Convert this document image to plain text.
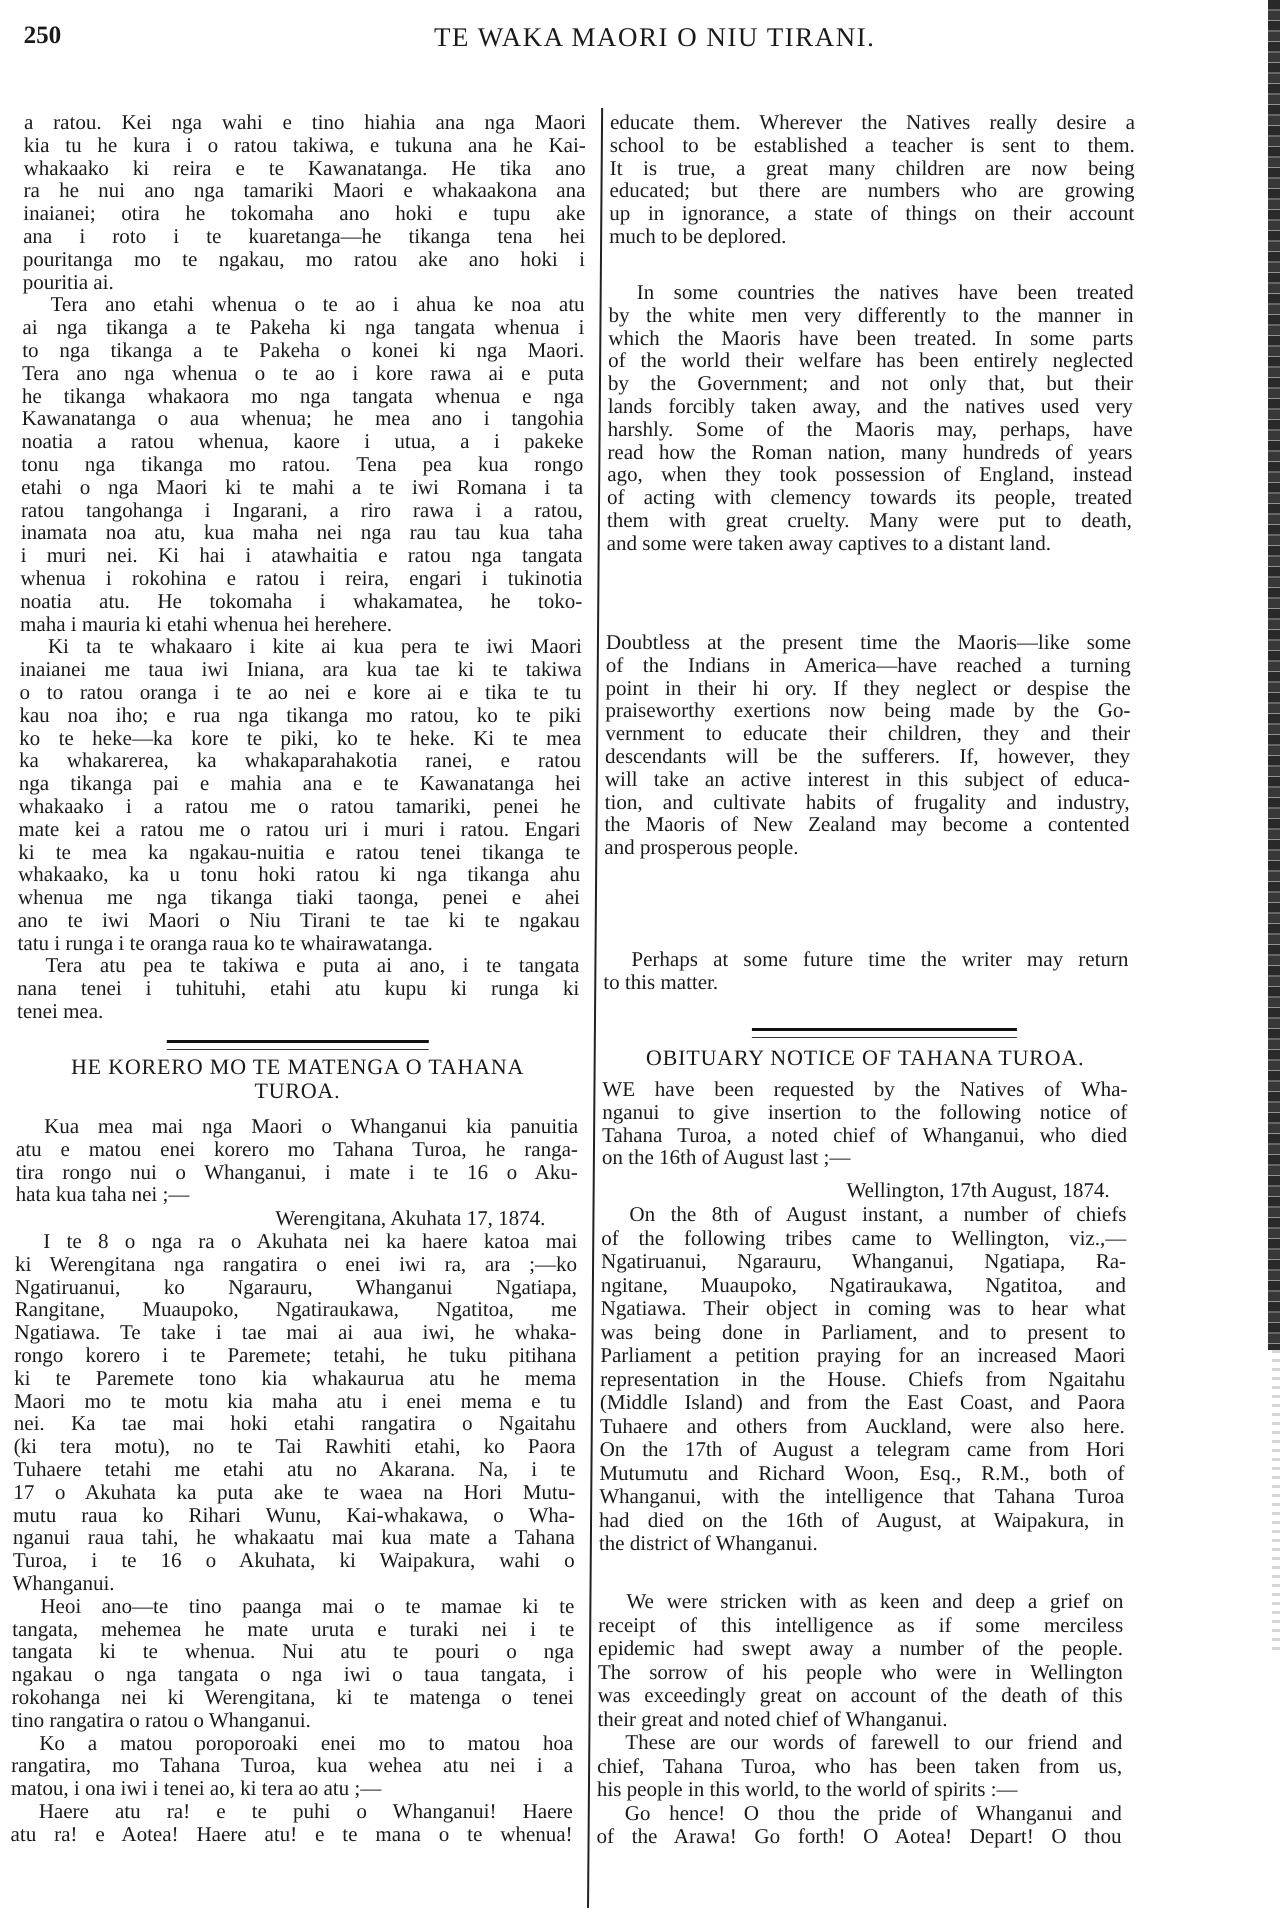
250	TE WAKA MAORI O NIU TIRANI.
a ratou. Kei nga wahi e tino hiahia ana nga Maori
kia tu he kura i o ratou takiwa, e tukuna ana he Kai-
whakaako ki reira e te Kawanatanga. He tika ano
ra he nui ano nga tamariki Maori e whakaakona ana
inaianei; otira he tokomaha ano hoki e tupu ake
ana i roto i te kuaretanga—he tikanga tena hei
pouritanga mo te ngakau, mo ratou ake ano hoki i
pouritia ai.
Tera ano etahi whenua o te ao i ahua ke noa atu
ai nga tikanga a te Pakeha ki nga tangata whenua i
to nga tikanga a te Pakeha o konei ki nga Maori.
Tera ano nga whenua o te ao i kore rawa ai e puta
he tikanga whakaora mo nga tangata whenua e nga
Kawanatanga o aua whenua; he mea ano i tangohia
noatia a ratou whenua, kaore i utua, a i pakeke
tonu nga tikanga mo ratou. Tena pea kua rongo
etahi o nga Maori ki te mahi a te iwi Romana i ta
ratou tangohanga i Ingarani, a riro rawa i a ratou,
inamata noa atu, kua maha nei nga rau tau kua taha
i muri nei. Ki hai i atawhaitia e ratou nga tangata
whenua i rokohina e ratou i reira, engari i tukinotia
noatia atu. He tokomaha i whakamatea, he toko-
maha i mauria ki etahi whenua hei herehere.
Ki ta te whakaaro i kite ai kua pera te iwi Maori
inaianei me taua iwi Iniana, ara kua tae ki te takiwa
o to ratou oranga i te ao nei e kore ai e tika te tu
kau noa iho; e rua nga tikanga mo ratou, ko te piki
ko te heke—ka kore te piki, ko te heke. Ki te mea
ka whakarerea, ka whakaparahakotia ranei, e ratou
nga tikanga pai e mahia ana e te Kawanatanga hei
whakaako i a ratou me o ratou tamariki, penei he
mate kei a ratou me o ratou uri i muri i ratou. Engari
ki te mea ka ngakau-nuitia e ratou tenei tikanga te
whakaako, ka u tonu hoki ratou ki nga tikanga ahu
whenua me nga tikanga tiaki taonga, penei e ahei
ano te iwi Maori o Niu Tirani te tae ki te ngakau
tatu i runga i te oranga raua ko te whairawatanga.
Tera atu pea te takiwa e puta ai ano, i te tangata
nana tenei i tuhituhi, etahi atu kupu ki runga ki
tenei mea.
HE KORERO MO TE MATENGA O TAHANA
TUROA.
Kua mea mai nga Maori o Whanganui kia panuitia
atu e matou enei korero mo Tahana Turoa, he ranga-
tira rongo nui o Whanganui, i mate i te 16 o Aku-
hata kua taha nei ;—
Werengitana, Akuhata 17, 1874.
I te 8 o nga ra o Akuhata nei ka haere katoa mai
ki Werengitana nga rangatira o enei iwi ra, ara ;—ko
Ngatiruanui, ko Ngarauru, Whanganui Ngatiapa,
Rangitane, Muaupoko, Ngatiraukawa, Ngatitoa, me
Ngatiawa. Te take i tae mai ai aua iwi, he whaka-
rongo korero i te Paremete; tetahi, he tuku pitihana
ki te Paremete tono kia whakaurua atu he mema
Maori mo te motu kia maha atu i enei mema e tu
nei. Ka tae mai hoki etahi rangatira o Ngaitahu
(ki tera motu), no te Tai Rawhiti etahi, ko Paora
Tuhaere tetahi me etahi atu no Akarana. Na, i te
17 o Akuhata ka puta ake te waea na Hori Mutu-
mutu raua ko Rihari Wunu, Kai-whakawa, o Wha-
nganui raua tahi, he whakaatu mai kua mate a Tahana
Turoa, i te 16 o Akuhata, ki Waipakura, wahi o
Whanganui.
Heoi ano—te tino paanga mai o te mamae ki te
tangata, mehemea he mate uruta e turaki nei i te
tangata ki te whenua. Nui atu te pouri o nga
ngakau o nga tangata o nga iwi o taua tangata, i
rokohanga nei ki Werengitana, ki te matenga o tenei
tino rangatira o ratou o Whanganui.
Ko a matou poroporoaki enei mo to matou hoa
rangatira, mo Tahana Turoa, kua wehea atu nei i a
matou, i ona iwi i tenei ao, ki tera ao atu ;—
Haere atu ra! e te puhi o Whanganui! Haere
atu ra! e Aotea! Haere atu! e te mana o te whenua!
educate them. Wherever the Natives really desire a
school to be established a teacher is sent to them.
It is true, a great many children are now being
educated; but there are numbers who are growing
up in ignorance, a state of things on their account
much to be deplored.
In some countries the natives have been treated
by the white men very differently to the manner in
which the Maoris have been treated. In some parts
of the world their welfare has been entirely neglected
by the Government; and not only that, but their
lands forcibly taken away, and the natives used very
harshly. Some of the Maoris may, perhaps, have
read how the Roman nation, many hundreds of years
ago, when they took possession of England, instead
of acting with clemency towards its people, treated
them with great cruelty. Many were put to death,
and some were taken away captives to a distant land.
Doubtless at the present time the Maoris—like some
of the Indians in America—have reached a turning
point in their hi ory. If they neglect or despise the
praiseworthy exertions now being made by the Go-
vernment to educate their children, they and their
descendants will be the sufferers. If, however, they
will take an active interest in this subject of educa-
tion, and cultivate habits of frugality and industry,
the Maoris of New Zealand may become a contented
and prosperous people.
Perhaps at some future time the writer may return
to this matter.
OBITUARY NOTICE OF TAHANA TUROA.
WE have been requested by the Natives of Wha-
nganui to give insertion to the following notice of
Tahana Turoa, a noted chief of Whanganui, who died
on the 16th of August last ;—
Wellington, 17th August, 1874.
On the 8th of August instant, a number of chiefs
of the following tribes came to Wellington, viz.,—
Ngatiruanui, Ngarauru, Whanganui, Ngatiapa, Ra-
ngitane, Muaupoko, Ngatiraukawa, Ngatitoa, and
Ngatiawa. Their object in coming was to hear what
was being done in Parliament, and to present to
Parliament a petition praying for an increased Maori
representation in the House. Chiefs from Ngaitahu
(Middle Island) and from the East Coast, and Paora
Tuhaere and others from Auckland, were also here.
On the 17th of August a telegram came from Hori
Mutumutu and Richard Woon, Esq., R.M., both of
Whanganui, with the intelligence that Tahana Turoa
had died on the 16th of August, at Waipakura, in
the district of Whanganui.
We were stricken with as keen and deep a grief on
receipt of this intelligence as if some merciless
epidemic had swept away a number of the people.
The sorrow of his people who were in Wellington
was exceedingly great on account of the death of this
their great and noted chief of Whanganui.
These are our words of farewell to our friend and
chief, Tahana Turoa, who has been taken from us,
his people in this world, to the world of spirits :—
Go hence! O thou the pride of Whanganui and
of the Arawa! Go forth! O Aotea! Depart! O thou
